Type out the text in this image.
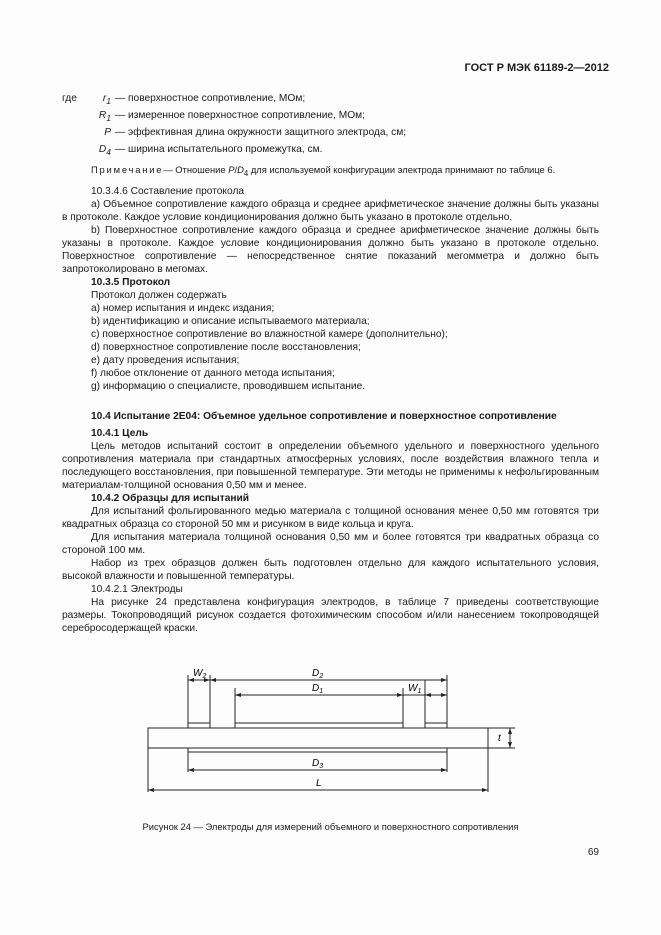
ГОСТ Р МЭК 61189-2—2012
где	$r_1$ — поверхностное сопротивление, МОм;
$R_1$ — измеренное поверхностное сопротивление, МОм;
P — эффективная длина окружности защитного электрода, см;
$D_4$ — ширина испытательного промежутка, см.
Примечание— Отношение $P/D_4$ для используемой конфигурации электрода принимают по таблице 6.

10.3.4.6 Составление протокола

а) Объемное сопротивление каждого образца и среднее арифметическое значение должны быть указаны в протоколе. Каждое условие кондиционирования должно быть указано в протоколе отдельно.

b) Поверхностное сопротивление каждого образца и среднее арифметическое значение должны быть указаны в протоколе. Каждое условие кондиционирования должно быть указано в протоколе отдельно. Поверхностное сопротивление — непосредственное снятие показаний мегомметра и должно быть запротоколировано в мегомах.

10.3.5 Протокол

Протокол должен содержать
а) номер испытания и индекс издания;
b) идентификацию и описание испытываемого материала;
с) поверхностное сопротивление во влажностной камере (дополнительно);
d) поверхностное сопротивление после восстановления;
е) дату проведения испытания;
f) любое отклонение от данного метода испытания;
g) информацию о специалисте, проводившем испытание.

10.4 Испытание 2Е04: Объемное удельное сопротивление и поверхностное сопротивление

10.4.1 Цель

Цель методов испытаний состоит в определении объемного удельного и поверхностного удельного сопротивления материала при стандартных атмосферных условиях, после воздействия влажного тепла и последующего восстановления, при повышенной температуре. Эти методы не применимы к нефольгированным материалам-толщиной основания 0,50 мм и менее.

10.4.2 Образцы для испытаний

Для испытаний фольгированного медью материала с толщиной основания менее 0,50 мм готовятся три квадратных образца со стороной 50 мм и рисунком в виде кольца и круга.

Для испытания материала толщиной основания 0,50 мм и более готовятся три квадратных образца со стороной 100 мм.

Набор из трех образцов должен быть подготовлен отдельно для каждого испытательного условия, высокой влажности и повышенной температуры.

10.4.2.1 Электроды

На рисунке 24 представлена конфигурация электродов, в таблице 7 приведены соответствующие размеры. Токопроводящий рисунок создается фотохимическим способом и/или нанесением токопроводящей серебросодержащей краски.

$W_2$	$D_2$
$D_1$	$W_1$
$D_3$
t
L
Рисунок 24 — Электроды для измерений объемного и поверхностного сопротивления
69
